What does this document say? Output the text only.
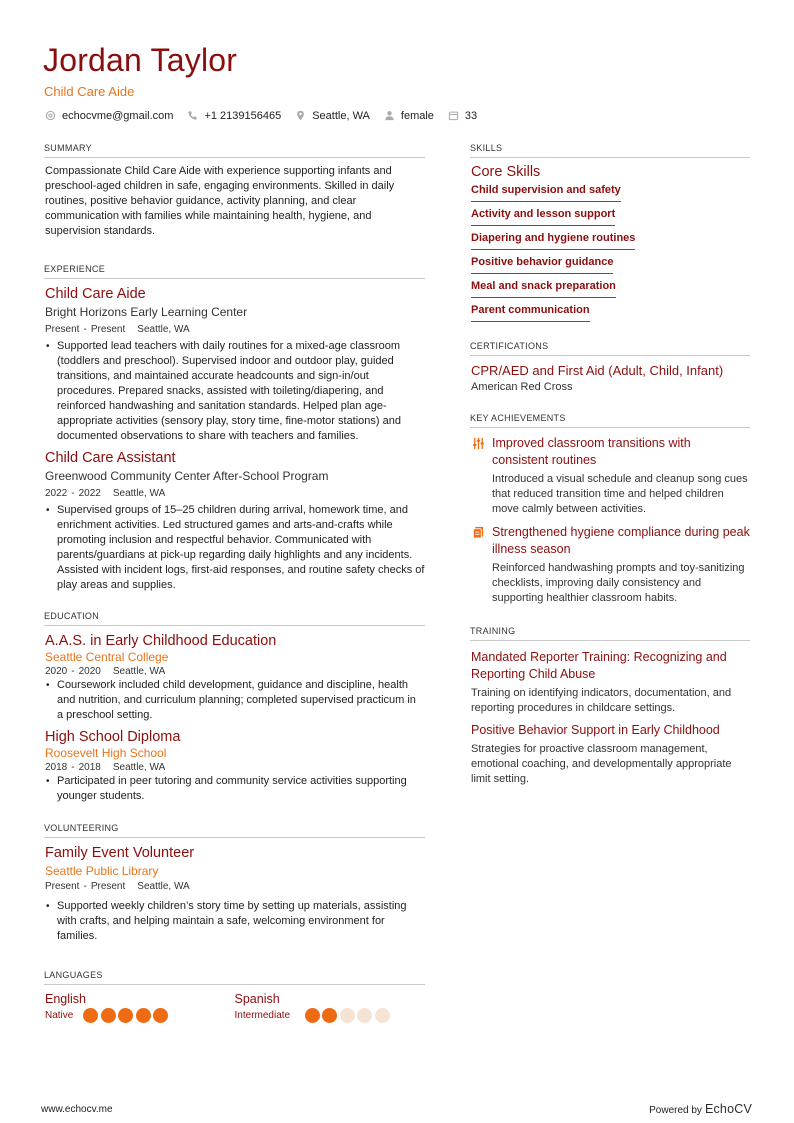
Jordan Taylor
Child Care Aide
echocvme@gmail.com	+1 2139156465	Seattle, WA	female	33
SUMMARY
Compassionate Child Care Aide with experience supporting infants and preschool-aged children in safe, engaging environments. Skilled in daily routines, positive behavior guidance, activity planning, and clear communication with families while maintaining health, hygiene, and supervision standards.
EXPERIENCE
Child Care Aide
Bright Horizons Early Learning Center
Present - Present Seattle, WA
• Supported lead teachers with daily routines for a mixed-age classroom (toddlers and preschool). Supervised indoor and outdoor play, guided transitions, and maintained accurate headcounts and sign-in/out procedures. Prepared snacks, assisted with toileting/diapering, and reinforced handwashing and sanitation standards. Helped plan age-appropriate activities (sensory play, story time, fine-motor stations) and documented observations to share with teachers and families.
Child Care Assistant
Greenwood Community Center After-School Program
2022 - 2022 Seattle, WA
• Supervised groups of 15–25 children during arrival, homework time, and enrichment activities. Led structured games and arts-and-crafts while promoting inclusion and respectful behavior. Communicated with parents/guardians at pick-up regarding daily highlights and any incidents. Assisted with incident logs, first-aid responses, and routine safety checks of play areas and supplies.
EDUCATION
A.A.S. in Early Childhood Education
Seattle Central College
2020 - 2020 Seattle, WA
• Coursework included child development, guidance and discipline, health and nutrition, and curriculum planning; completed supervised practicum in a preschool setting.
High School Diploma
Roosevelt High School
2018 - 2018 Seattle, WA
• Participated in peer tutoring and community service activities supporting younger students.
VOLUNTEERING
Family Event Volunteer
Seattle Public Library
Present - Present Seattle, WA
• Supported weekly children’s story time by setting up materials, assisting with crafts, and helping maintain a safe, welcoming environment for families.
LANGUAGES
English
Native
Spanish
Intermediate
SKILLS
Core Skills
Child supervision and safety
Activity and lesson support
Diapering and hygiene routines
Positive behavior guidance
Meal and snack preparation
Parent communication
CERTIFICATIONS
CPR/AED and First Aid (Adult, Child, Infant)
American Red Cross
KEY ACHIEVEMENTS
Improved classroom transitions with consistent routines
Introduced a visual schedule and cleanup song cues that reduced transition time and helped children move calmly between activities.
Strengthened hygiene compliance during peak illness season
Reinforced handwashing prompts and toy-sanitizing checklists, improving daily consistency and supporting healthier classroom habits.
TRAINING
Mandated Reporter Training: Recognizing and Reporting Child Abuse
Training on identifying indicators, documentation, and reporting procedures in childcare settings.
Positive Behavior Support in Early Childhood
Strategies for proactive classroom management, emotional coaching, and developmentally appropriate limit setting.
www.echocv.me	Powered by EchoCV
